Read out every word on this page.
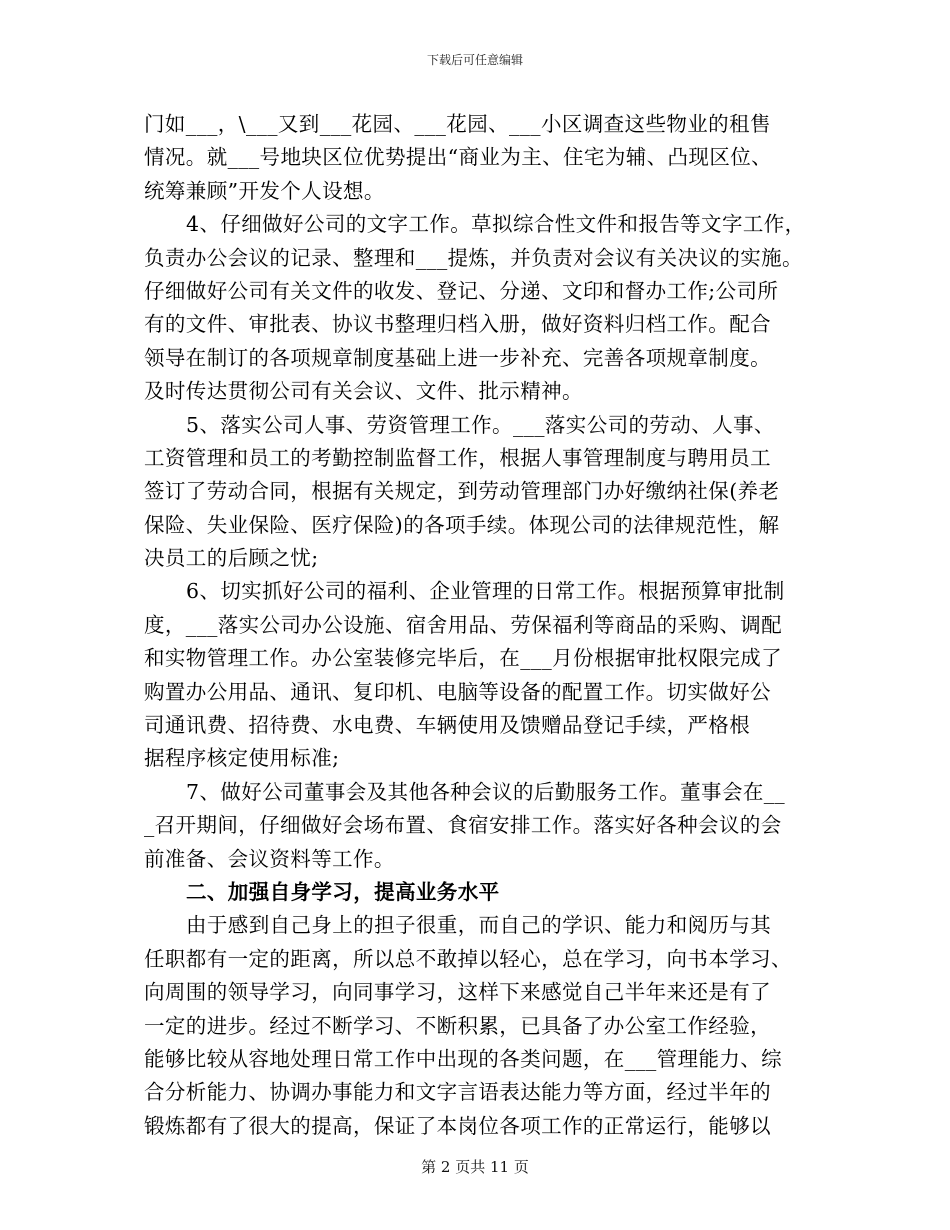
下载后可任意编辑
门如___，\___又到___花园、___花园、___小区调查这些物业的租售
情况。就___号地块区位优势提出“商业为主、住宅为辅、凸现区位、
统筹兼顾”开发个人设想。
4、仔细做好公司的文字工作。草拟综合性文件和报告等文字工作，
负责办公会议的记录、整理和___提炼，并负责对会议有关决议的实施。
仔细做好公司有关文件的收发、登记、分递、文印和督办工作;公司所
有的文件、审批表、协议书整理归档入册，做好资料归档工作。配合
领导在制订的各项规章制度基础上进一步补充、完善各项规章制度。
及时传达贯彻公司有关会议、文件、批示精神。
5、落实公司人事、劳资管理工作。___落实公司的劳动、人事、
工资管理和员工的考勤控制监督工作，根据人事管理制度与聘用员工
签订了劳动合同，根据有关规定，到劳动管理部门办好缴纳社保(养老
保险、失业保险、医疗保险)的各项手续。体现公司的法律规范性，解
决员工的后顾之忧;
6、切实抓好公司的福利、企业管理的日常工作。根据预算审批制
度，___落实公司办公设施、宿舍用品、劳保福利等商品的采购、调配
和实物管理工作。办公室装修完毕后，在___月份根据审批权限完成了
购置办公用品、通讯、复印机、电脑等设备的配置工作。切实做好公
司通讯费、招待费、水电费、车辆使用及馈赠品登记手续，严格根
据程序核定使用标准;
7、做好公司董事会及其他各种会议的后勤服务工作。董事会在__
_召开期间，仔细做好会场布置、食宿安排工作。落实好各种会议的会
前准备、会议资料等工作。
二、加强自身学习，提高业务水平
由于感到自己身上的担子很重，而自己的学识、能力和阅历与其
任职都有一定的距离，所以总不敢掉以轻心，总在学习，向书本学习、
向周围的领导学习，向同事学习，这样下来感觉自己半年来还是有了
一定的进步。经过不断学习、不断积累，已具备了办公室工作经验，
能够比较从容地处理日常工作中出现的各类问题，在___管理能力、综
合分析能力、协调办事能力和文字言语表达能力等方面，经过半年的
锻炼都有了很大的提高，保证了本岗位各项工作的正常运行，能够以
第 2 页共 11 页
